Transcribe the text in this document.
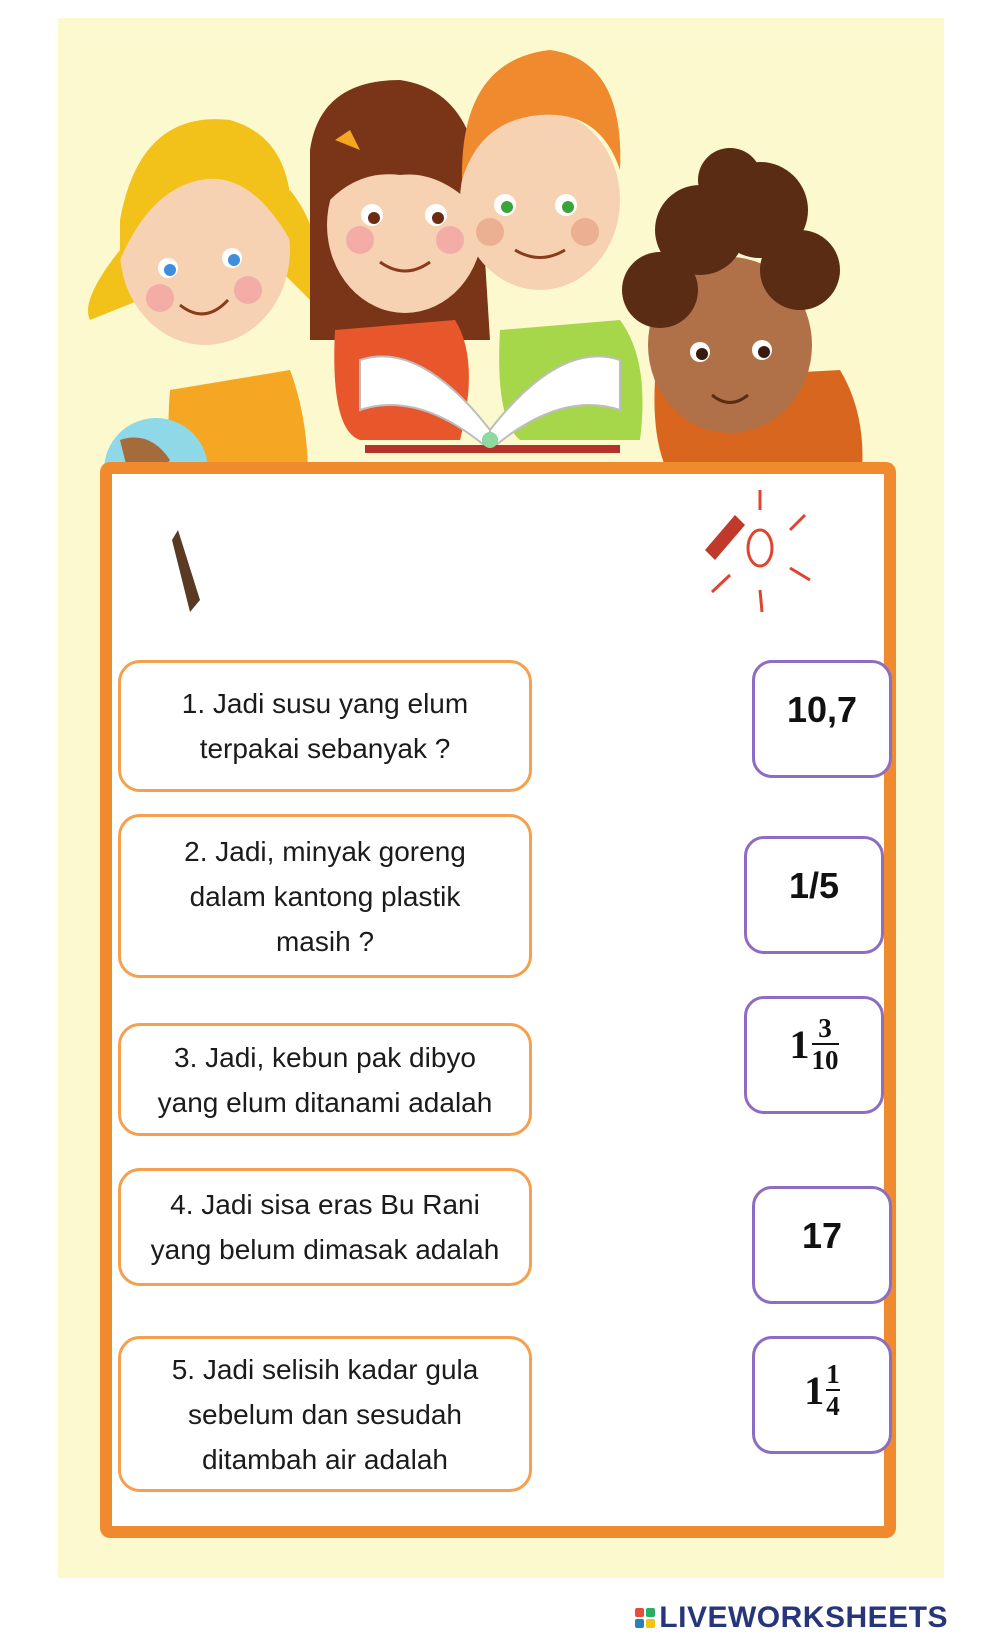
1. Jadi susu yang elum
terpakai sebanyak ?
2. Jadi, minyak goreng
dalam kantong plastik
masih ?
3. Jadi, kebun pak dibyo
yang elum ditanami adalah
4. Jadi sisa eras Bu Rani
yang belum dimasak adalah
5. Jadi selisih kadar gula
sebelum dan sesudah
ditambah air adalah
10,7
1/5
$1 \frac{3}{10}$
17
$1 \frac{1}{4}$
LIVEWORKSHEETS
